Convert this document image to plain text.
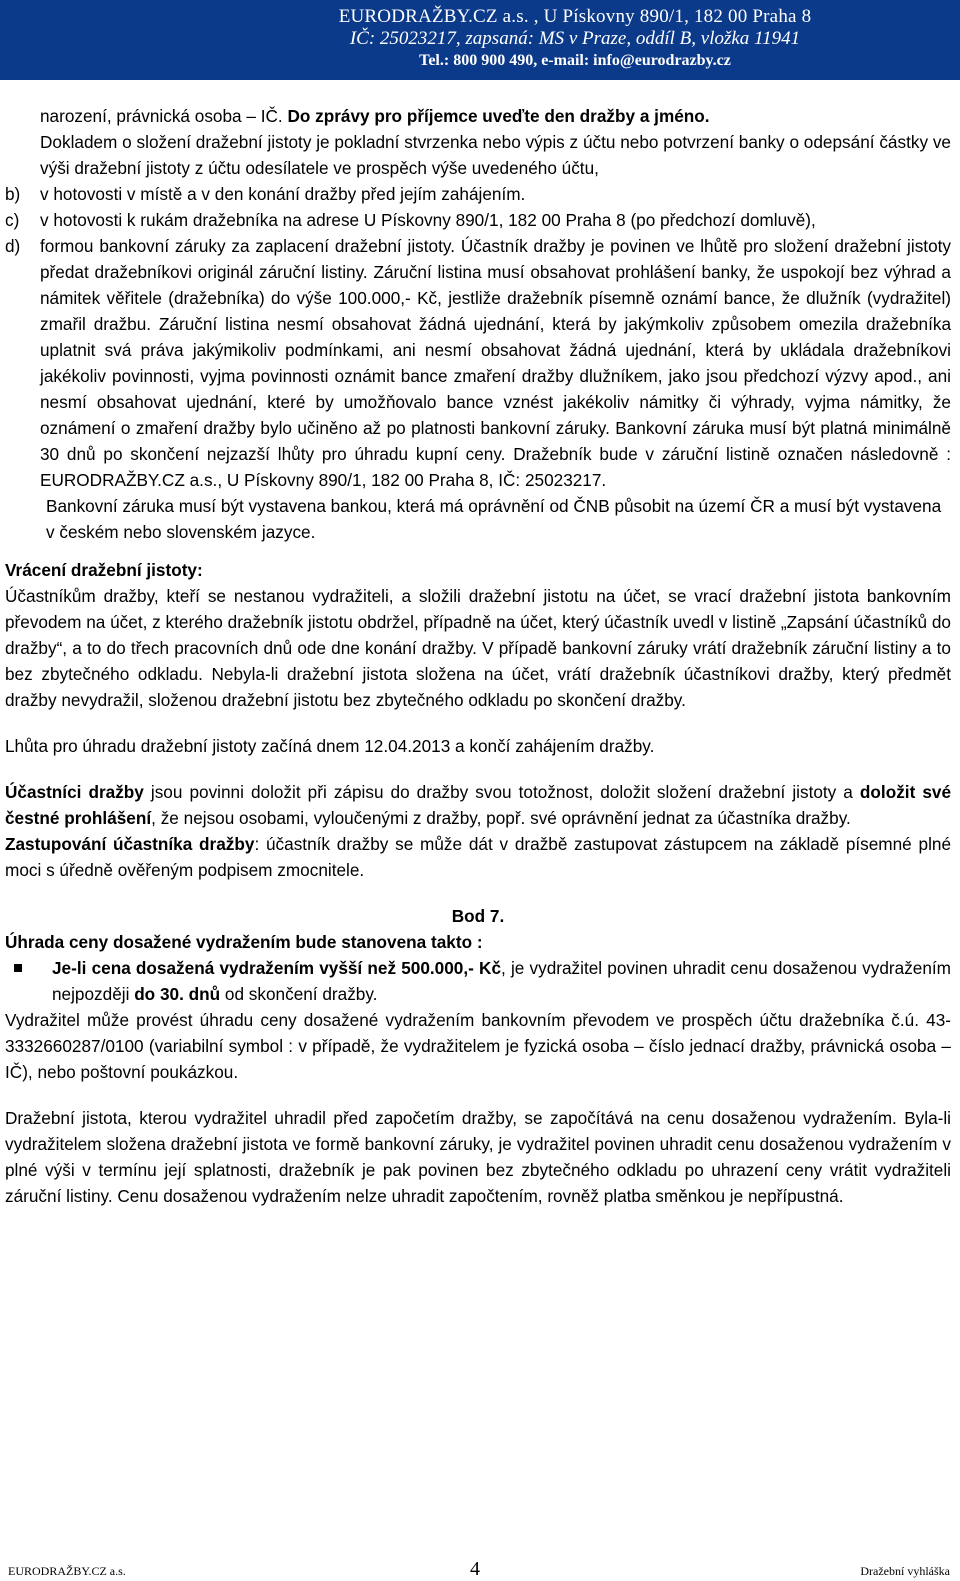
EURODRAŽBY.CZ a.s. , U Pískovny 890/1, 182 00 Praha 8
IČ: 25023217, zapsaná: MS v Praze, oddíl B, vložka 11941
Tel.: 800 900 490, e-mail: info@eurodrazby.cz

narození, právnická osoba – IČ. Do zprávy pro příjemce uveďte den dražby a jméno.

Dokladem o složení dražební jistoty je pokladní stvrzenka nebo výpis z účtu nebo potvrzení banky o odepsání částky ve výši dražební jistoty z účtu odesílatele ve prospěch výše uvedeného účtu,

b) v hotovosti v místě a v den konání dražby před jejím zahájením.
c) v hotovosti k rukám dražebníka na adrese U Pískovny 890/1, 182 00 Praha 8 (po předchozí domluvě),
d) formou bankovní záruky za zaplacení dražební jistoty. Účastník dražby je povinen ve lhůtě pro složení dražební jistoty předat dražebníkovi originál záruční listiny. Záruční listina musí obsahovat prohlášení banky, že uspokojí bez výhrad a námitek věřitele (dražebníka) do výše 100.000,- Kč, jestliže dražebník písemně oznámí bance, že dlužník (vydražitel) zmařil dražbu. Záruční listina nesmí obsahovat žádná ujednání, která by jakýmkoliv způsobem omezila dražebníka uplatnit svá práva jakýmikoliv podmínkami, ani nesmí obsahovat žádná ujednání, která by ukládala dražebníkovi jakékoliv povinnosti, vyjma povinnosti oznámit bance zmaření dražby dlužníkem, jako jsou předchozí výzvy apod., ani nesmí obsahovat ujednání, které by umožňovalo bance vznést jakékoliv námitky či výhrady, vyjma námitky, že oznámení o zmaření dražby bylo učiněno až po platnosti bankovní záruky. Bankovní záruka musí být platná minimálně 30 dnů po skončení nejzazší lhůty pro úhradu kupní ceny. Dražebník bude v záruční listině označen následovně : EURODRAŽBY.CZ a.s., U Pískovny 890/1, 182 00 Praha 8, IČ: 25023217.

Bankovní záruka musí být vystavena bankou, která má oprávnění od ČNB působit na území ČR a musí být vystavena v českém nebo slovenském jazyce.

Vrácení dražební jistoty:

Účastníkům dražby, kteří se nestanou vydražiteli, a složili dražební jistotu na účet, se vrací dražební jistota bankovním převodem na účet, z kterého dražebník jistotu obdržel, případně na účet, který účastník uvedl v listině „Zapsání účastníků do dražby“, a to do třech pracovních dnů ode dne konání dražby. V případě bankovní záruky vrátí dražebník záruční listiny a to bez zbytečného odkladu. Nebyla-li dražební jistota složena na účet, vrátí dražebník účastníkovi dražby, který předmět dražby nevydražil, složenou dražební jistotu bez zbytečného odkladu po skončení dražby.

Lhůta pro úhradu dražební jistoty začíná dnem 12.04.2013 a končí zahájením dražby.

Účastníci dražby jsou povinni doložit při zápisu do dražby svou totožnost, doložit složení dražební jistoty a doložit své čestné prohlášení, že nejsou osobami, vyloučenými z dražby, popř. své oprávnění jednat za účastníka dražby.

Zastupování účastníka dražby: účastník dražby se může dát v dražbě zastupovat zástupcem na základě písemné plné moci s úředně ověřeným podpisem zmocnitele.

Bod 7.

Úhrada ceny dosažené vydražením bude stanovena takto :

Je-li cena dosažená vydražením vyšší než 500.000,- Kč, je vydražitel povinen uhradit cenu dosaženou vydražením nejpozději do 30. dnů od skončení dražby.

Vydražitel může provést úhradu ceny dosažené vydražením bankovním převodem ve prospěch účtu dražebníka č.ú. 43-3332660287/0100 (variabilní symbol : v případě, že vydražitelem je fyzická osoba – číslo jednací dražby, právnická osoba – IČ), nebo poštovní poukázkou.

Dražební jistota, kterou vydražitel uhradil před započetím dražby, se započítává na cenu dosaženou vydražením. Byla-li vydražitelem složena dražební jistota ve formě bankovní záruky, je vydražitel povinen uhradit cenu dosaženou vydražením v plné výši v termínu její splatnosti, dražebník je pak povinen bez zbytečného odkladu po uhrazení ceny vrátit vydražiteli záruční listiny. Cenu dosaženou vydražením nelze uhradit započtením, rovněž platba směnkou je nepřípustná.

EURODRAŽBY.CZ a.s.	4	Dražební vyhláška
